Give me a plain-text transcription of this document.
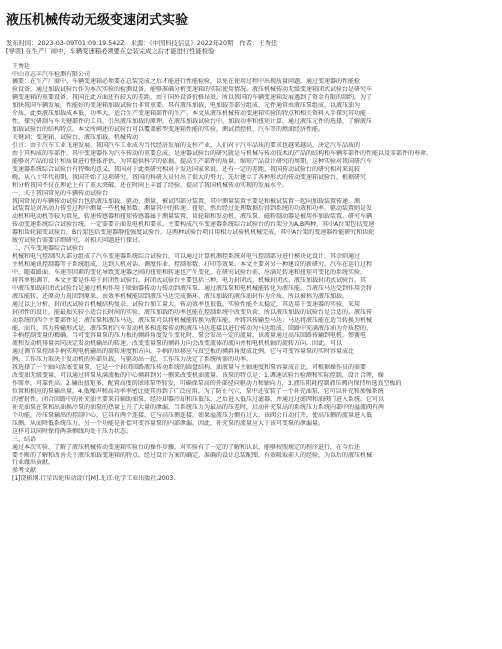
液压机械传动无级变速闭式实验
发布时间：2023-03-09T01:09:19.542Z 来源：《中国科技信息》2022年20期 作者：王秀廷
[导读] 在生产厂商中，车辆变速箱必须要在总装完成之后才能进行性能检验
王秀廷
中山市志丰汽车检测有限公司
摘要：在生产厂商中，车辆变速箱必须要在总装完成之后才能进行性能检验，以免在使用过程中出现质量问题，通过变速器的性能检
验设备，通过加载试验台作为本次实验的检测设备，能够准确分析变速箱的实际使用情况。液压机械传动无级变速箱闭式试验台是研究车
辆变速箱的重要设备，我国在此方面还有较大的差距，由于国外设备价格昂贵，所以我国的车辆变速箱发展遇到了资金有限的制约，为了
加快我国车辆发展，性能好的变速箱加载试验台非常重要，其有液压加载、电加载等部分组成，元件通常由液压泵组成，以液压油为
介质，此类液压加载成本低、功率大，适合生产变速箱部件的生产。本文从液压机械传动变速箱实验的特点和相关资料入手探究其功能
性，探究研制与车关键部件的工具，引出液压加载的原理，在液压加载试验台中，加载功率和扭矩计算，通过液压元件的选择，了解液压
加载试验台的结构特点。本文所阐述的试验台可以覆盖影型变速箱性能的实验，测试指控机、汽车等的燃油经济性能。
关键词：变速箱、试验台、液压加载、机械传动
引言：由于汽车工业飞速发展，我国汽车工业成为当代经济发展的支柱产业，人们对于汽车品质的要求也越来越高，决定汽车品质的
由于其构成的零部件，其中变速器作为汽车传动的重要总成，是速器试验台的研究就是与机械与传动技术的产品的结构和车辆零部件的性能以及零部件的寿命，
能够对产品的设计和质量进行整体评估，为其提供科学的依据，提高生产部件的质量，缩短产品设计研究的周期。这种实验对我国研汽车
变速器系统综合试验台有特殊的意义，我国对于此类研究相对于发达国家来说，还有一定的差距，我国传动试验台的研究相对来说较
晚。从八十年代初期，我国开始了这项研究，我国的科研人员付出了很大的努力，先后建立了各种形式的传动变速箱试验台，根据研究
和分析我国不仅在理论上有了重大突破，还在时间上丰富了经验，提高了我国机械传动实现的发展水平。
一、关于我国常见的车辆传动试验台
我国常见的车辆传动试验台包括液压加载、驱动、测量、被试四部分装置，其中测量装置主要是和被试装置一起向加载装置传递，测
试装置是对出动力传至过程中测量一些机械参数，测量其中的转速、扭矩，然后经过处理数据后得到系统的功效和功率。驱动装置则是发
动机和电动机等较为常见，转速传感器和扭矩传感器属于测量装置，齿轮箱和发动机、液压泵、磁粉制动器是被用作加载装置。研究车辆
传动变速系统综合试验台统，一定需要正面发电机和要求。主要构成汽车变速器系统综合试验台的台架分为A,B两种，其中A台架包括变速
器和齿轮箱变试验台，B台架包括变速器静扭强度试验台。这两种试验台项目用相力试验机机械完成，其中A台架的变速器性能研究和齿轮
疲劳试验台需要详细研究，对相关问题进行探讨。
二、汽车变速器综合试验台
机械和电气控制四大部分组成了汽车变速器系统综合试验台，可以通过计算机测控系统对电气控制部分进行模块化设计，其余则通过
主机和通讯控制器等子系统组成，达到人机对话、调度作业、控制参数、打印等效果。本文主要对另一种建议的新研究，汽车在运行过程
中，随着路面、车速等因素的变化导致变速器之间的扭矩和转速也产生变化，在研究试验台前，应满足转速和扭矩可变化的系统实验，
将其单独调节，本文主要是作用于封闭性试验台。封闭式试验台主要包括三种，电力封闭式、机械封闭式、液压加载封闭式试验台，其
中液压加载封闭式试验台是通过机构作用于联轴器传动力传动到液压泵，通过液压泵和电机械能转化为液压能，当液压马达受到作用会将
液压能转，还原动力返回到原来，由效率机械能回到液压马达完成循环，液压加载的液压油封作为介质，所以被称为液压加载。
通过以上分析，封闭式试验台机械结构复杂，试验台加工量大，传动效率也很低，实验性能不太稳定，其适用于变速器的实验，采用
封闭性的设计，能最损失较小适合长时间的实验，液压加载的功率也能在控制系统中改变负荷，所以液压加载的试验台是合适的。液压传
动系统的四个主要部件是：液压泵和液压马达、液压泵可以将机械能转换为液压能，并将其传输至马达；马达将液压能在适当转换为机械
能，而且，其力传输形式是，液压泵和汽车发动机多相连接传动和液压马达连接以进行传动为马达组成，回路中充满液压油为介质控的、
手柄控制变量的精确。当可变容量泵的压力板的倾斜角度发生变化时，泵会发出一定的流量，该流量通过高压回路传输到电机。弹簧电
流和发动机排量共同决定发动机输出的转速。改变变量泵的倾斜力向会改变流体的流向并和电机机轴的旋转方向。因此，可以
通过调节泵控制手柄实现电机输出的旋转速度和方向。手柄的位移应与真空板的倾斜角度成比例。它与可变容量泵的实时容量成比
例。工作压力取决于发动机的外部负载，与驱动出一起，工作压力决定了系统所需的功率。
我选择了一个轴向活塞变量泵，它是一个封闭回路液压传动系统的圆盘结构。油液量与主轴速度和泵容量成正比。可根据操作员的需要
改变油无级变量。可以通过将泵从满流板的中心倾斜到另一侧来改变机油流量。该泵的特点是：1.调速试验台检测和实际控制，设计合理，操
作简单，可靠性高。2.输出扭矩多，配置高度的团球泵型转发，可确保泵高的外部径向驱动力和轴向力，3.液压阻耗控制液压阀内保持所选真空板的
位置和相应的泵输出量。4.低噪声和高功率率密比使其得到了广泛应用。为了防止气穴，泵中还安装了一个补充油泵，它可以补充和加强系统
的密封性，闭合回路中的补充油主要来自辅助油泵，经冷却器冷却和压低压，之后进入低压过滤器，并通过过滤网和油阀门进入系统。它可以
补充油泵在泵和出油换冷泵的油泵的热量上升了大量的泄漏。当系统压力为最高的压差时，启动补充泵高的系统压力系统内部中的溢流阀有两
个功能，冷压泵输出的控制中心，它具有两个连接，它与高压侧连接，如果溢流压力侧有过大，该阀会自动打开，使高压侧的流量进入低
压侧，从而降低系统压力。另一个功能是补偿可变容量泵的内部泄漏。因此，补充泵的流量应大于该可变泵的泄漏量，
这样可以同时保持两条侧线均处于压力状态。
三、结语
通过本次实验，了解了液压机械传动变速箱实验台的操作步骤，对实验有了一定的了解和认识，能够按照规定的程序进行，在今后还
要不断的了解和改善关于液压加载变速箱的特点，经过设计方案的确定，准确的设计总装配图，有效吸取前人的经验，为以后的液压机械
行业做出贡献。
参考文献
[1]饶振纲.行星齿轮传动设计[M].北京:化学工业出版社,2003.
